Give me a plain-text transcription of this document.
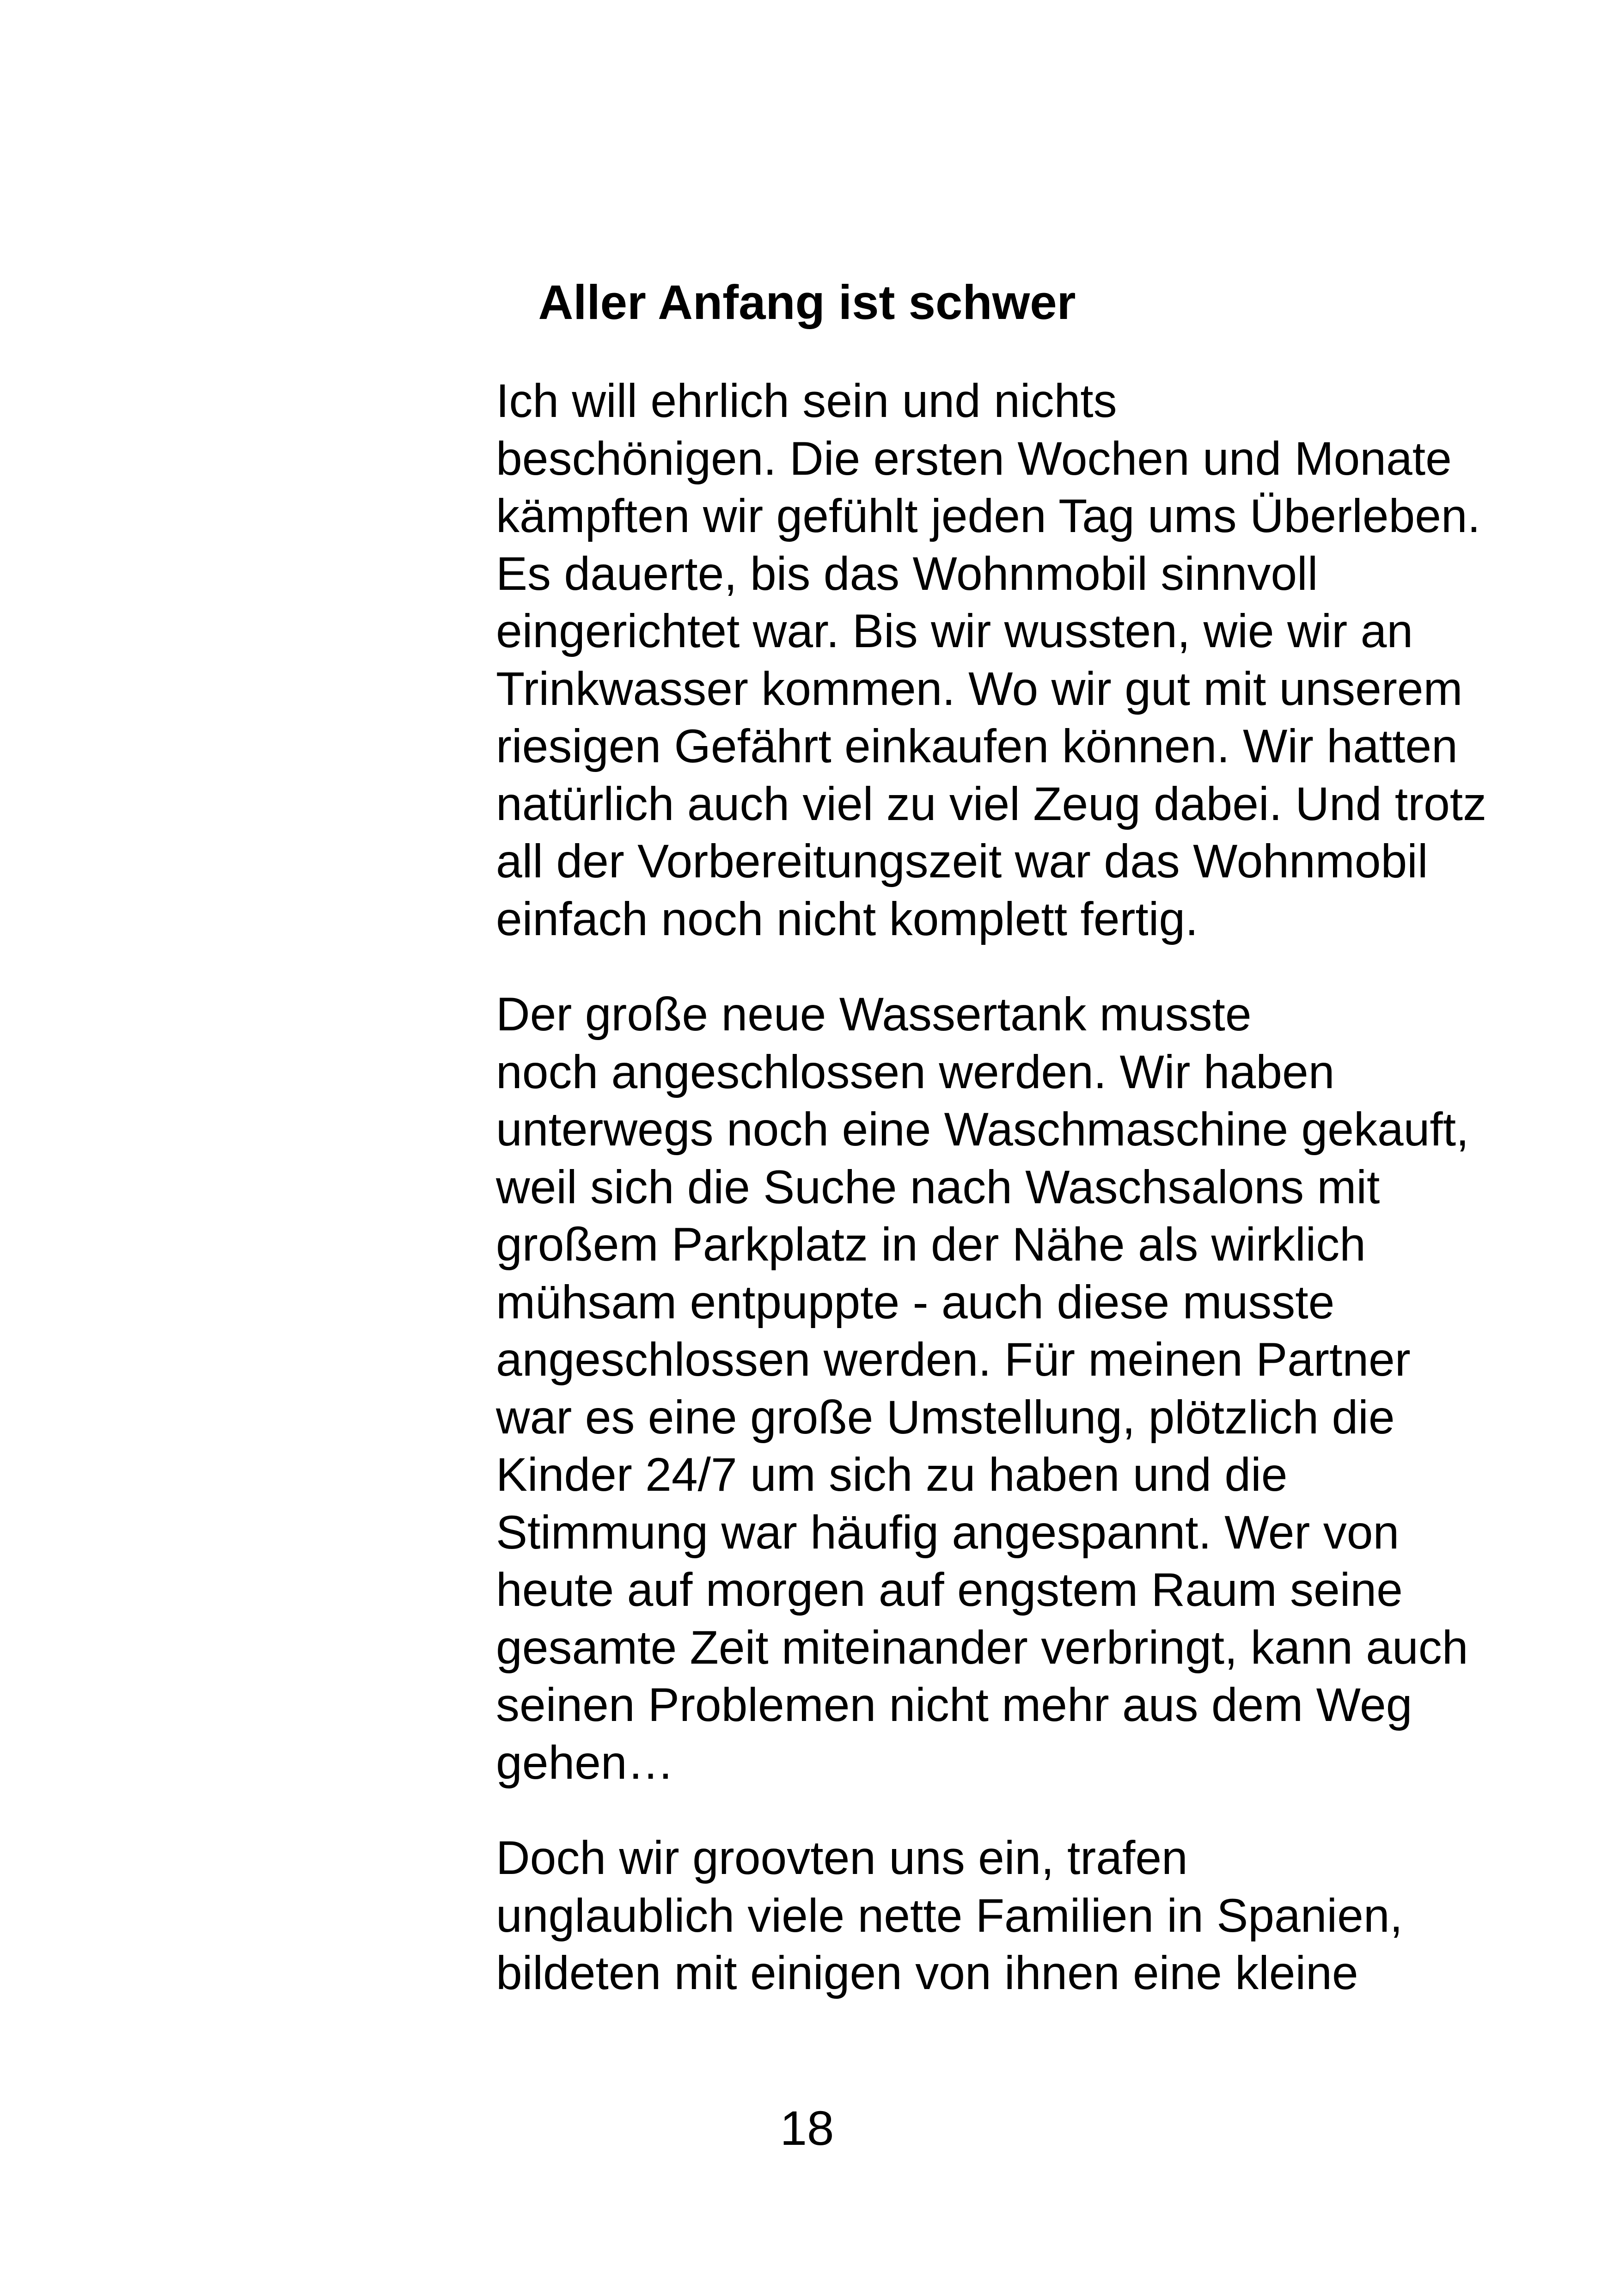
Aller Anfang ist schwer

Ich will ehrlich sein und nichts
beschönigen. Die ersten Wochen und Monate
kämpften wir gefühlt jeden Tag ums Überleben.
Es dauerte, bis das Wohnmobil sinnvoll
eingerichtet war. Bis wir wussten, wie wir an
Trinkwasser kommen. Wo wir gut mit unserem
riesigen Gefährt einkaufen können. Wir hatten
natürlich auch viel zu viel Zeug dabei. Und trotz
all der Vorbereitungszeit war das Wohnmobil
einfach noch nicht komplett fertig.

Der große neue Wassertank musste
noch angeschlossen werden. Wir haben
unterwegs noch eine Waschmaschine gekauft,
weil sich die Suche nach Waschsalons mit
großem Parkplatz in der Nähe als wirklich
mühsam entpuppte - auch diese musste
angeschlossen werden. Für meinen Partner
war es eine große Umstellung, plötzlich die
Kinder 24/7 um sich zu haben und die
Stimmung war häufig angespannt. Wer von
heute auf morgen auf engstem Raum seine
gesamte Zeit miteinander verbringt, kann auch
seinen Problemen nicht mehr aus dem Weg
gehen…

Doch wir groovten uns ein, trafen
unglaublich viele nette Familien in Spanien,
bildeten mit einigen von ihnen eine kleine

18
